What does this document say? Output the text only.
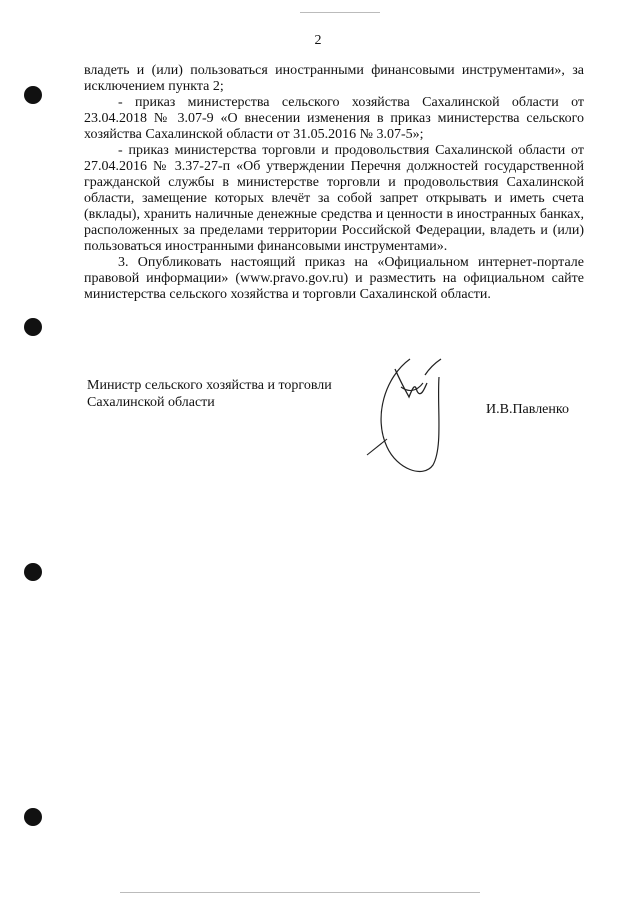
2

владеть и (или) пользоваться иностранными финансовыми инструментами», за исключением пункта 2;

- приказ министерства сельского хозяйства Сахалинской области от 23.04.2018 № 3.07-9 «О внесении изменения в приказ министерства сельского хозяйства Сахалинской области от 31.05.2016 № 3.07-5»;

- приказ министерства торговли и продовольствия Сахалинской области от 27.04.2016 № 3.37-27-п «Об утверждении Перечня должностей государственной гражданской службы в министерстве торговли и продовольствия Сахалинской области, замещение которых влечёт за собой запрет открывать и иметь счета (вклады), хранить наличные денежные средства и ценности в иностранных банках, расположенных за пределами территории Российской Федерации, владеть и (или) пользоваться иностранными финансовыми инструментами».

3. Опубликовать настоящий приказ на «Официальном интернет-портале правовой информации» (www.pravo.gov.ru) и разместить на официальном сайте министерства сельского хозяйства и торговли Сахалинской области.

Министр сельского хозяйства и торговли Сахалинской области	И.В.Павленко
